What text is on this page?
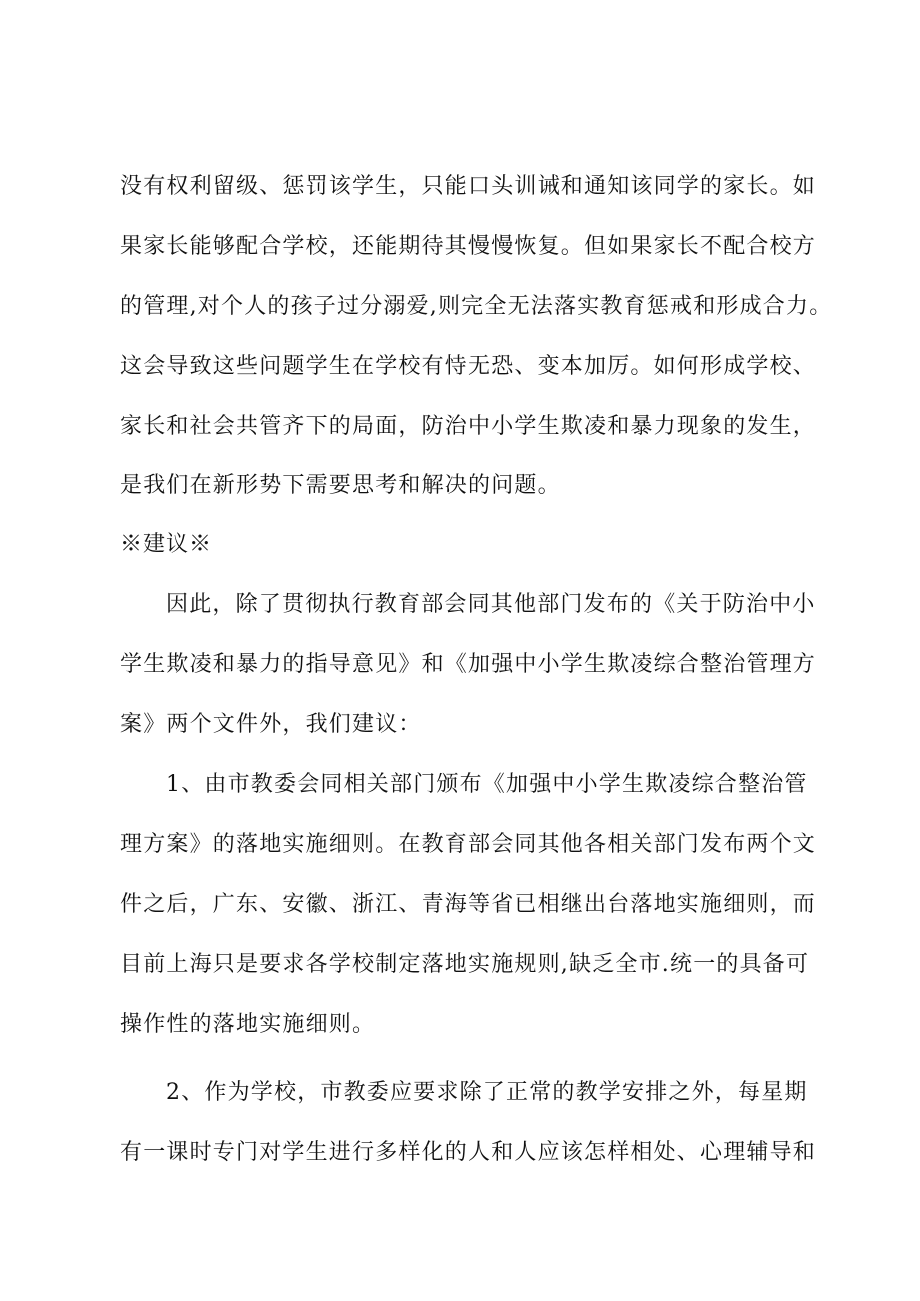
没有权利留级、惩罚该学生，只能口头训诫和通知该同学的家长。如

果家长能够配合学校，还能期待其慢慢恢复。但如果家长不配合校方

的管理,对个人的孩子过分溺爱,则完全无法落实教育惩戒和形成合力。

这会导致这些问题学生在学校有恃无恐、变本加厉。如何形成学校、

家长和社会共管齐下的局面，防治中小学生欺凌和暴力现象的发生，

是我们在新形势下需要思考和解决的问题。

※建议※

因此，除了贯彻执行教育部会同其他部门发布的《关于防治中小

学生欺凌和暴力的指导意见》和《加强中小学生欺凌综合整治管理方

案》两个文件外，我们建议：

1、由市教委会同相关部门颁布《加强中小学生欺凌综合整治管

理方案》的落地实施细则。在教育部会同其他各相关部门发布两个文

件之后，广东、安徽、浙江、青海等省已相继出台落地实施细则，而

目前上海只是要求各学校制定落地实施规则,缺乏全市.统一的具备可

操作性的落地实施细则。

2、作为学校，市教委应要求除了正常的教学安排之外，每星期

有一课时专门对学生进行多样化的人和人应该怎样相处、心理辅导和
